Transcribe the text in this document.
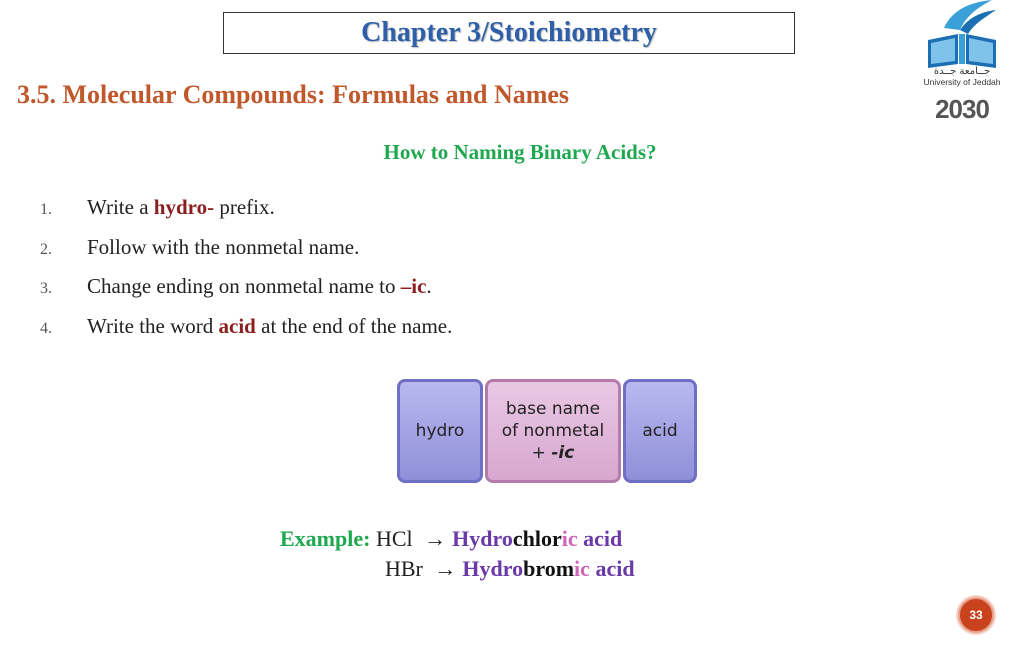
Chapter 3/Stoichiometry
3.5. Molecular Compounds: Formulas and Names
How to Naming Binary Acids?
1.	Write a hydro- prefix.
2.	Follow with the nonmetal name.
3.	Change ending on nonmetal name to –ic.
4.	Write the word acid at the end of the name.
hydro
base name
of nonmetal
+ -ic
acid
Example: HCl → Hydrochloric acid
HBr → Hydrobromic acid
جــامعة جــدة
University of Jeddah
2030
33
